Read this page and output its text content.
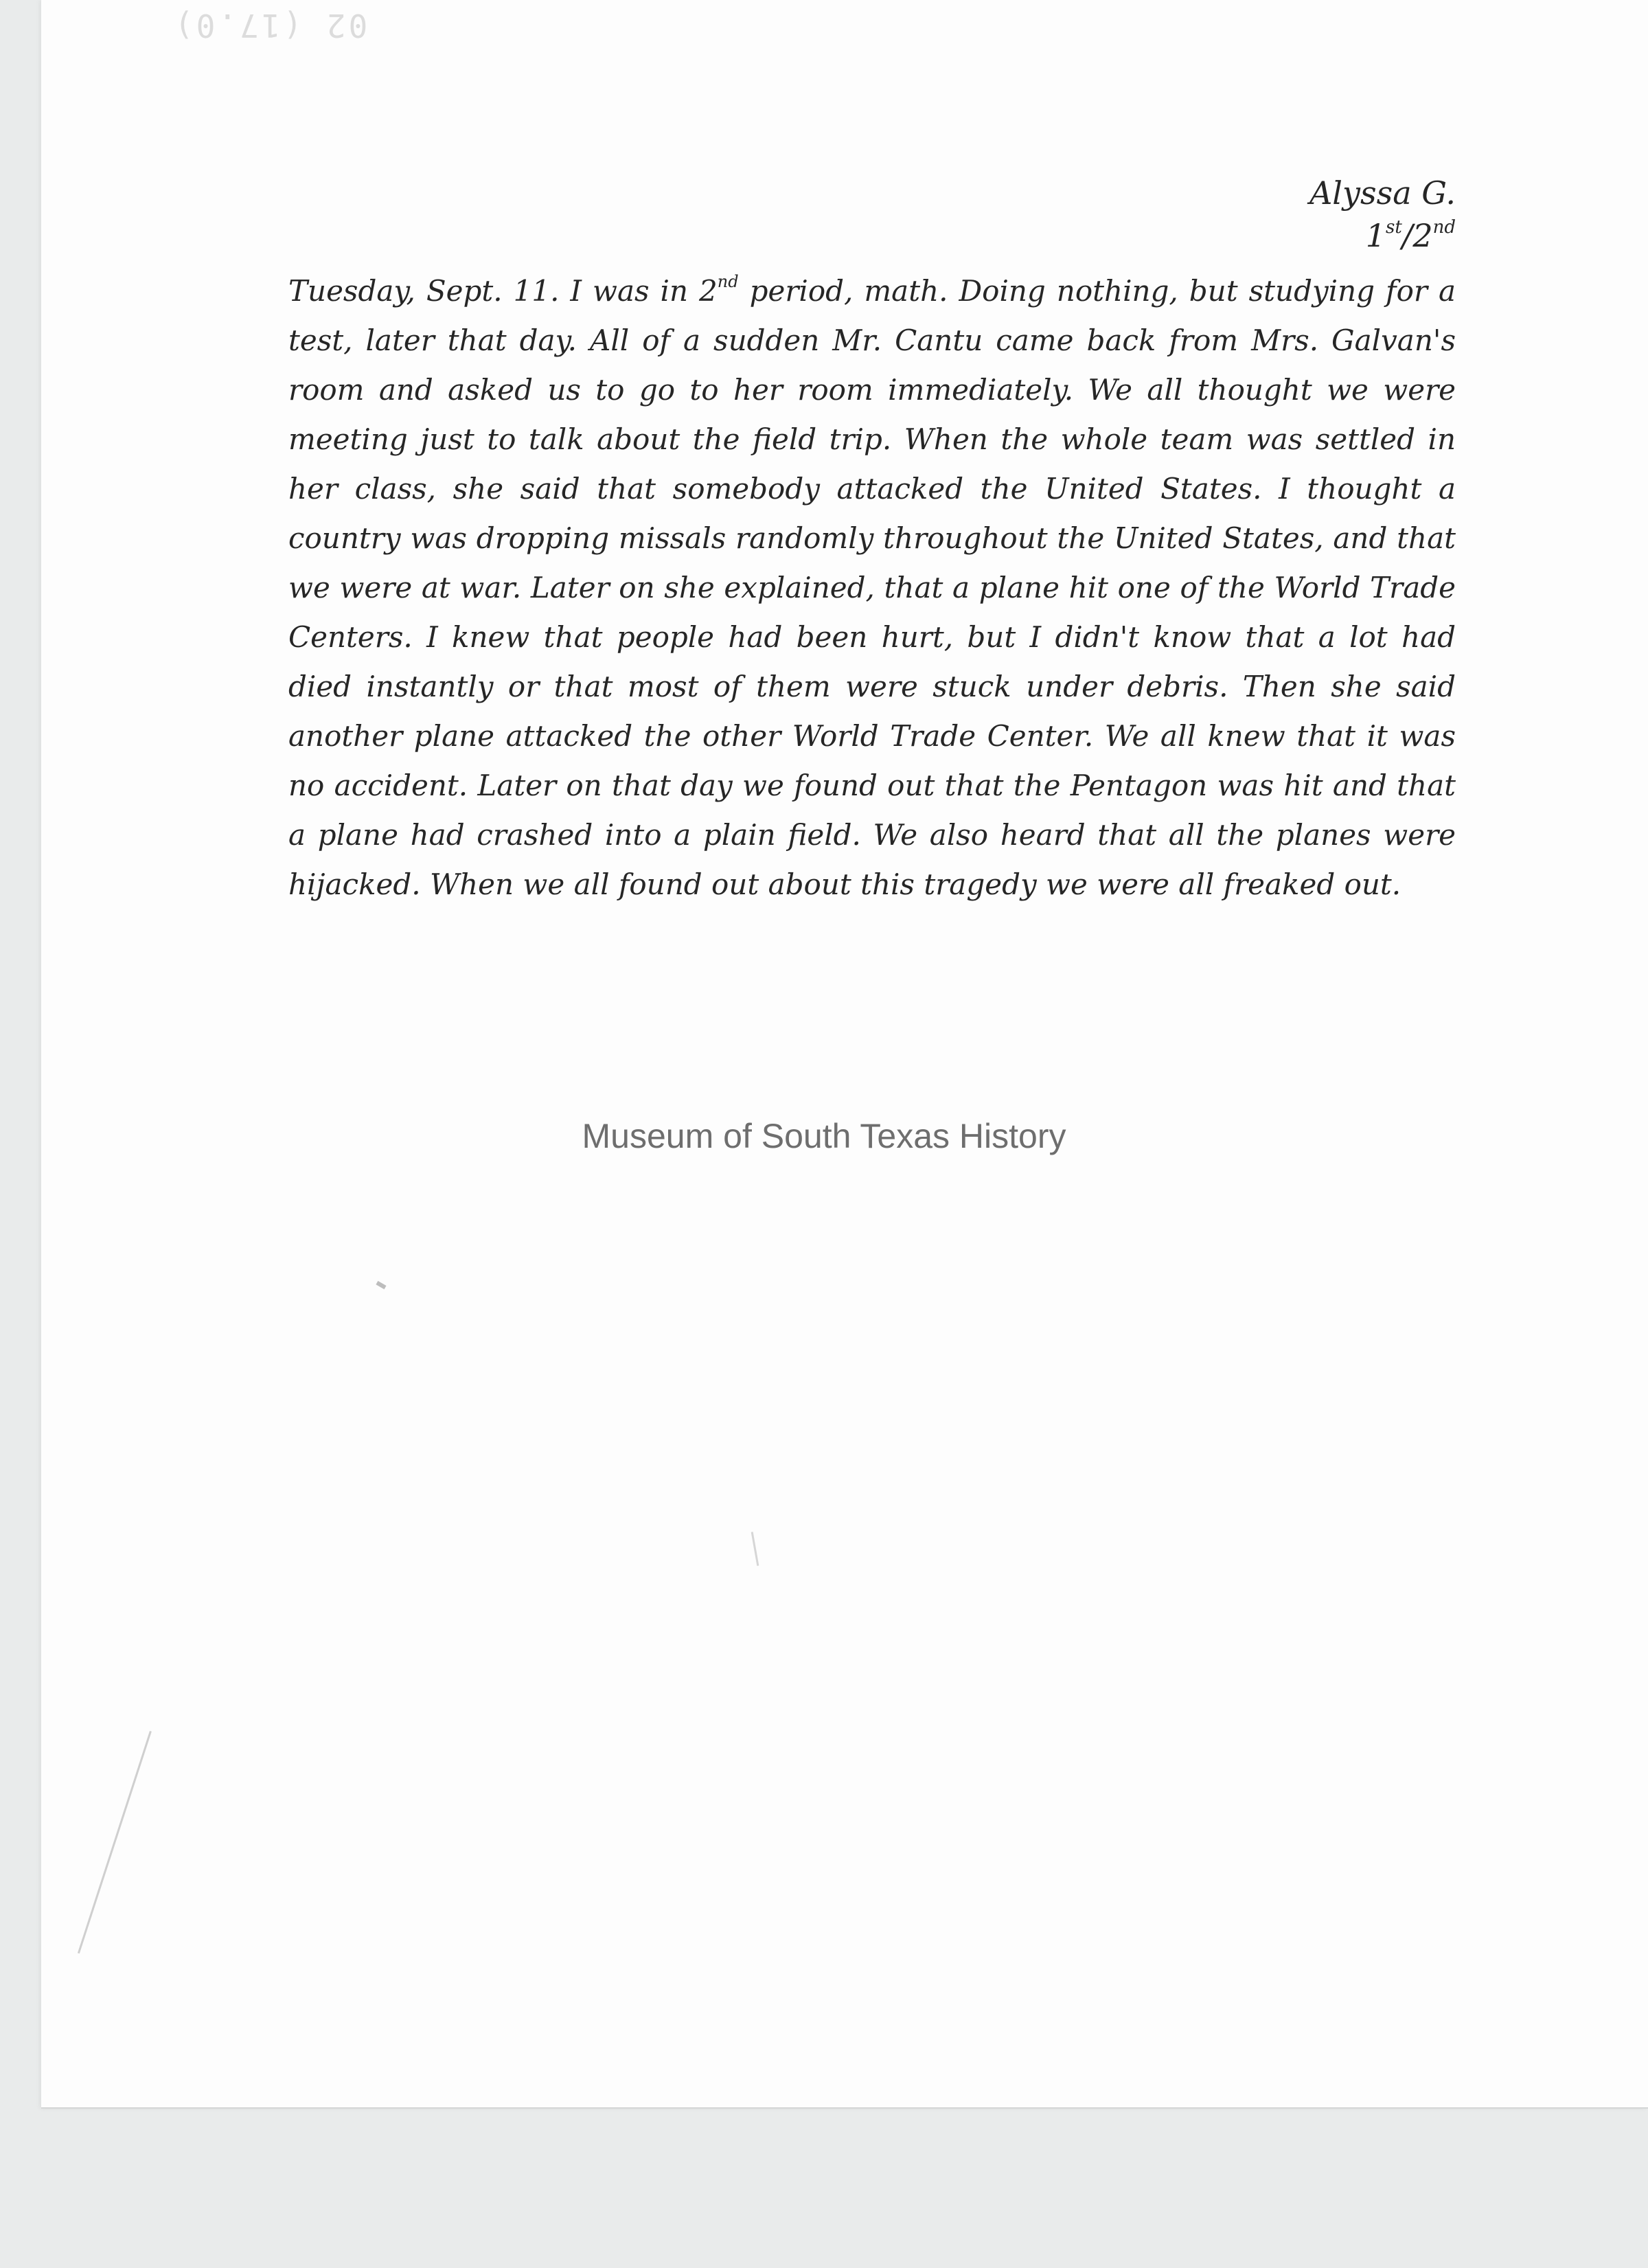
02 (17.0)
Alyssa G.
1st/2nd
Tuesday, Sept. 11. I was in 2nd period, math. Doing nothing, but studying for a test, later that day. All of a sudden Mr. Cantu came back from Mrs. Galvan's room and asked us to go to her room immediately. We all thought we were meeting just to talk about the field trip. When the whole team was settled in her class, she said that somebody attacked the United States. I thought a country was dropping missals randomly throughout the United States, and that we were at war. Later on she explained, that a plane hit one of the World Trade Centers. I knew that people had been hurt, but I didn't know that a lot had died instantly or that most of them were stuck under debris. Then she said another plane attacked the other World Trade Center. We all knew that it was no accident. Later on that day we found out that the Pentagon was hit and that a plane had crashed into a plain field. We also heard that all the planes were hijacked. When we all found out about this tragedy we were all freaked out.
Museum of South Texas History
